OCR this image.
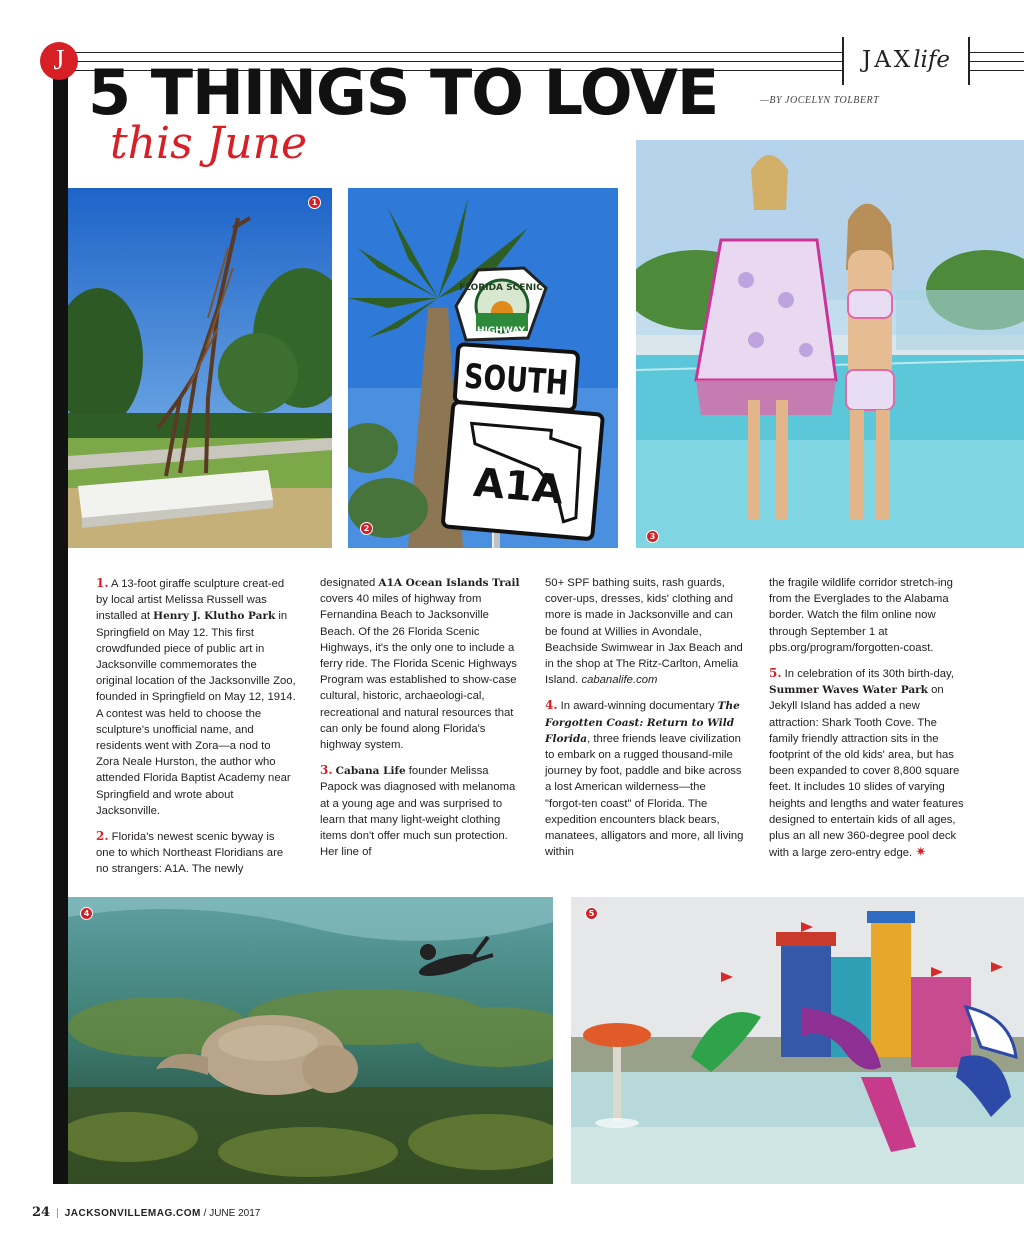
J 5 THINGS TO LOVE
this June
JAXlife
—BY JOCELYN TOLBERT
1
FLORIDA SCENIC
HIGHWAY
SOUTH
A1A
2
3

1. A 13-foot giraffe sculpture creat-ed by local artist Melissa Russell was installed at Henry J. Klutho Park in Springfield on May 12. This first crowdfunded piece of public art in Jacksonville commemorates the original location of the Jacksonville Zoo, founded in Springfield on May 12, 1914. A contest was held to choose the sculpture's unofficial name, and residents went with Zora—a nod to Zora Neale Hurston, the author who attended Florida Baptist Academy near Springfield and wrote about Jacksonville.

2. Florida's newest scenic byway is one to which Northeast Floridians are no strangers: A1A. The newly

designated A1A Ocean Islands Trail covers 40 miles of highway from Fernandina Beach to Jacksonville Beach. Of the 26 Florida Scenic Highways, it's the only one to include a ferry ride. The Florida Scenic Highways Program was established to show-case cultural, historic, archaeologi-cal, recreational and natural resources that can only be found along Florida's highway system.

3. Cabana Life founder Melissa Papock was diagnosed with melanoma at a young age and was surprised to learn that many light-weight clothing items don't offer much sun protection. Her line of

50+ SPF bathing suits, rash guards, cover-ups, dresses, kids' clothing and more is made in Jacksonville and can be found at Willies in Avondale, Beachside Swimwear in Jax Beach and in the shop at The Ritz-Carlton, Amelia Island. cabanalife.com

4. In award-winning documentary The Forgotten Coast: Return to Wild Florida, three friends leave civilization to embark on a rugged thousand-mile journey by foot, paddle and bike across a lost American wilderness—the "forgot-ten coast" of Florida. The expedition encounters black bears, manatees, alligators and more, all living within

the fragile wildlife corridor stretch-ing from the Everglades to the Alabama border. Watch the film online now through September 1 at pbs.org/program/forgotten-coast.

5. In celebration of its 30th birth-day, Summer Waves Water Park on Jekyll Island has added a new attraction: Shark Tooth Cove. The family friendly attraction sits in the footprint of the old kids' area, but has been expanded to cover 8,800 square feet. It includes 10 slides of varying heights and lengths and water features designed to entertain kids of all ages, plus an all new 360-degree pool deck with a large zero-entry edge. ✷

4	5
24 | JACKSONVILLEMAG.COM / JUNE 2017
